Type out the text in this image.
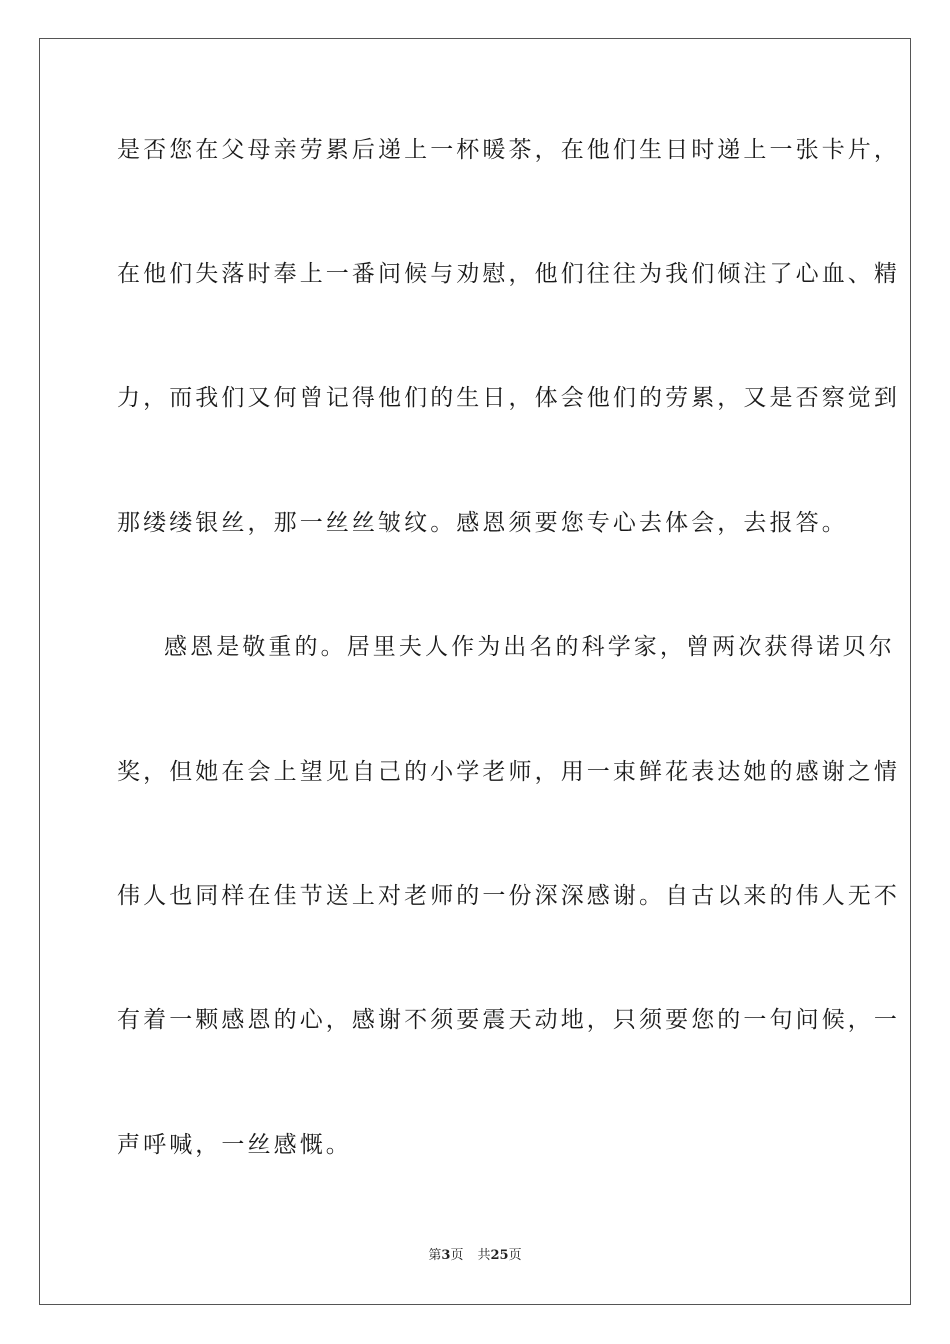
是否您在父母亲劳累后递上一杯暖茶，在他们生日时递上一张卡片，
在他们失落时奉上一番问候与劝慰，他们往往为我们倾注了心血、精
力，而我们又何曾记得他们的生日，体会他们的劳累，又是否察觉到
那缕缕银丝，那一丝丝皱纹。感恩须要您专心去体会，去报答。
感恩是敬重的。居里夫人作为出名的科学家，曾两次获得诺贝尔
奖，但她在会上望见自己的小学老师，用一束鲜花表达她的感谢之情
伟人也同样在佳节送上对老师的一份深深感谢。自古以来的伟人无不
有着一颗感恩的心，感谢不须要震天动地，只须要您的一句问候，一
声呼喊，一丝感慨。
第3页 共25页
